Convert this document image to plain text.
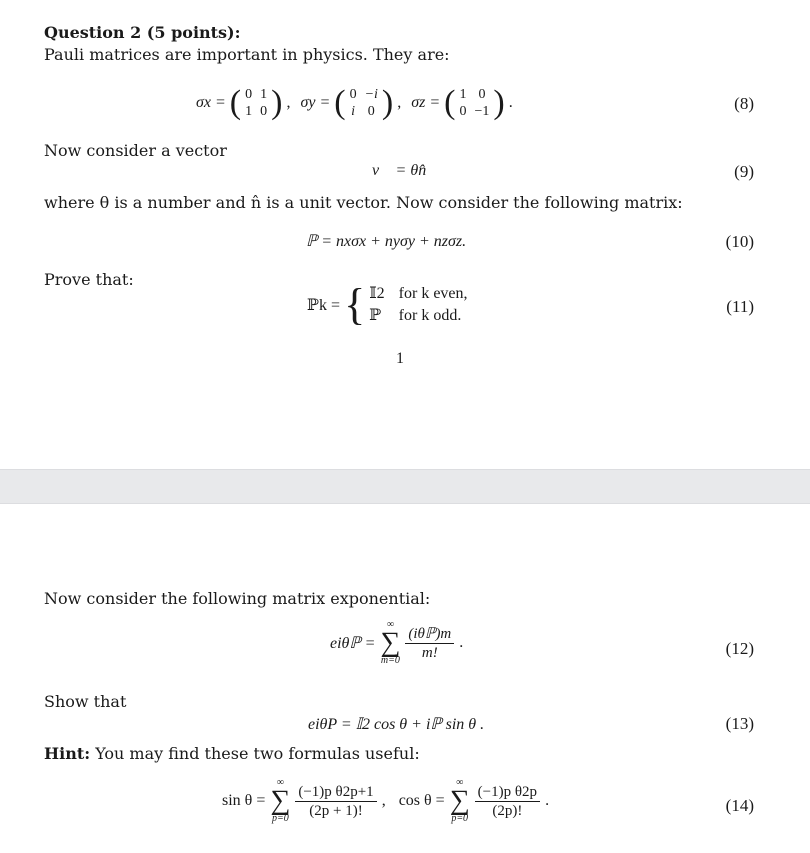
Question 2 (5 points):
Pauli matrices are important in physics. They are:
σx = ( 0 1
1 0 ) , σy = ( 0 −i
i 0 ) , σz = ( 1 0
0 −1 ) .	(8)
Now consider a vector
v⃗ = θn̂	(9)
where θ is a number and n̂ is a unit vector. Now consider the following matrix:
ℙ = nxσx + nyσy + nzσz.	(10)
Prove that:
ℙk = { 𝕀2 for k even,
ℙ for k odd.	(11)
1
Now consider the following matrix exponential:
eiθℙ =
∞
∑
$m=0 \frac{\text{(iθℙ)m}}{m!}$ .	(12)
Show that
eiθP = 𝕀2 cos θ + iℙ sin θ .	(13)
Hint: You may find these two formulas useful:
sin θ =
∞
∑
$p=0 \frac{\text{(−1)p θ2p+1}}{(2p + 1)!}$ , cos θ =
∞
∑
$p=0 \frac{\text{(−1)p θ2p}}{(2p)!}$ .	(14)
